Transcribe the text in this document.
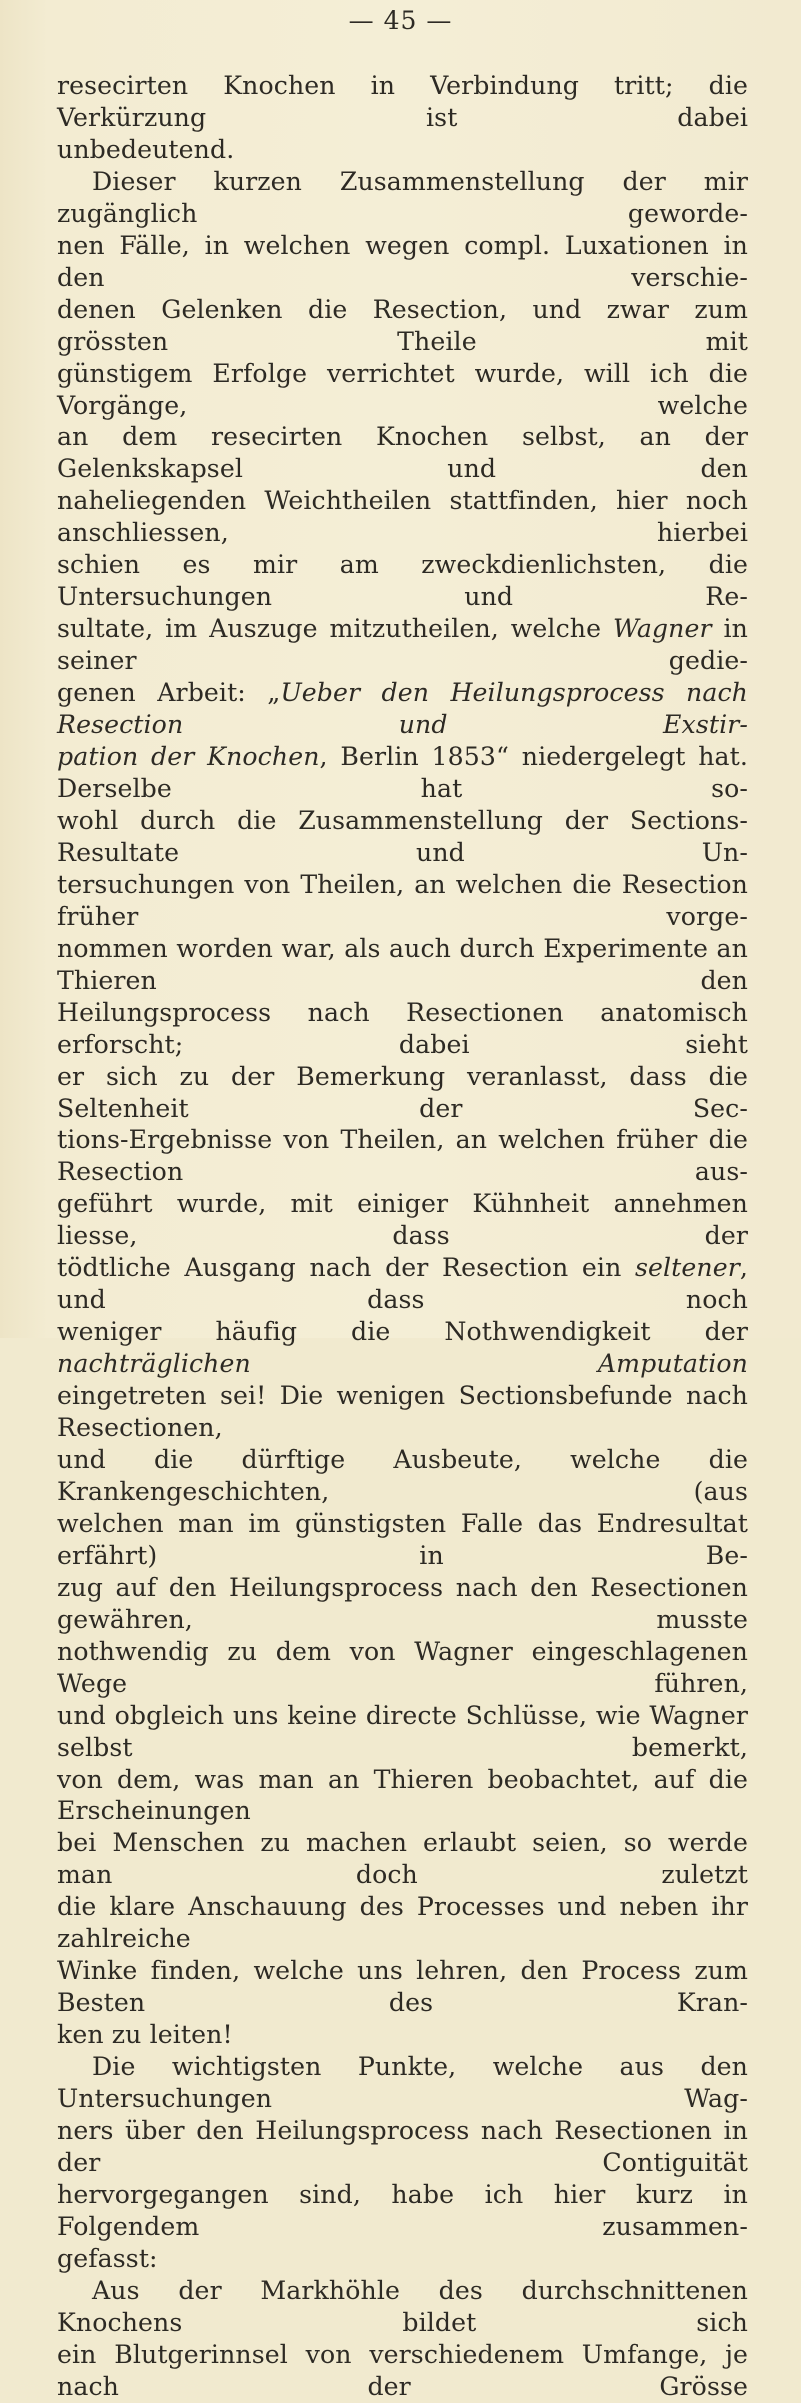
— 45 —

resecirten Knochen in Verbindung tritt; die Verkürzung ist dabei

unbedeutend.

Dieser kurzen Zusammenstellung der mir zugänglich geworde-

nen Fälle, in welchen wegen compl. Luxationen in den verschie-

denen Gelenken die Resection, und zwar zum grössten Theile mit

günstigem Erfolge verrichtet wurde, will ich die Vorgänge, welche

an dem resecirten Knochen selbst, an der Gelenkskapsel und den

naheliegenden Weichtheilen stattfinden, hier noch anschliessen, hierbei

schien es mir am zweckdienlichsten, die Untersuchungen und Re-

sultate, im Auszuge mitzutheilen, welche Wagner in seiner gedie-

genen Arbeit: „Ueber den Heilungsprocess nach Resection und Exstir-

pation der Knochen, Berlin 1853“ niedergelegt hat. Derselbe hat so-

wohl durch die Zusammenstellung der Sections-Resultate und Un-

tersuchungen von Theilen, an welchen die Resection früher vorge-

nommen worden war, als auch durch Experimente an Thieren den

Heilungsprocess nach Resectionen anatomisch erforscht; dabei sieht

er sich zu der Bemerkung veranlasst, dass die Seltenheit der Sec-

tions-Ergebnisse von Theilen, an welchen früher die Resection aus-

geführt wurde, mit einiger Kühnheit annehmen liesse, dass der

tödtliche Ausgang nach der Resection ein seltener, und dass noch

weniger häufig die Nothwendigkeit der nachträglichen Amputation

eingetreten sei! Die wenigen Sectionsbefunde nach Resectionen,

und die dürftige Ausbeute, welche die Krankengeschichten, (aus

welchen man im günstigsten Falle das Endresultat erfährt) in Be-

zug auf den Heilungsprocess nach den Resectionen gewähren, musste

nothwendig zu dem von Wagner eingeschlagenen Wege führen,

und obgleich uns keine directe Schlüsse, wie Wagner selbst bemerkt,

von dem, was man an Thieren beobachtet, auf die Erscheinungen

bei Menschen zu machen erlaubt seien, so werde man doch zuletzt

die klare Anschauung des Processes und neben ihr zahlreiche

Winke finden, welche uns lehren, den Process zum Besten des Kran-

ken zu leiten!

Die wichtigsten Punkte, welche aus den Untersuchungen Wag-

ners über den Heilungsprocess nach Resectionen in der Contiguität

hervorgegangen sind, habe ich hier kurz in Folgendem zusammen-

gefasst:

Aus der Markhöhle des durchschnittenen Knochens bildet sich

ein Blutgerinnsel von verschiedenem Umfange, je nach der Grösse
